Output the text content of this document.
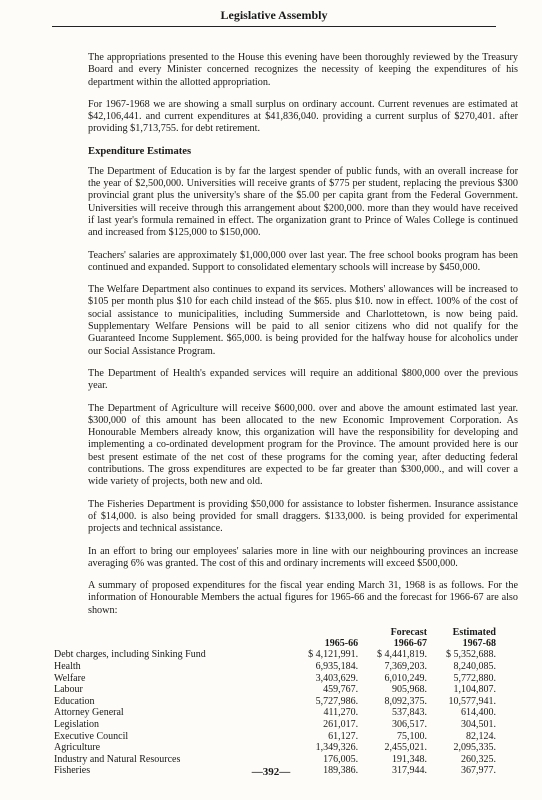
Legislative Assembly

The appropriations presented to the House this evening have been thoroughly reviewed by the Treasury Board and every Minister concerned recognizes the necessity of keeping the expenditures of his department within the allotted appropriation.

For 1967-1968 we are showing a small surplus on ordinary account. Current revenues are estimated at $42,106,441. and current expenditures at $41,836,040. providing a current surplus of $270,401. after providing $1,713,755. for debt retirement.

Expenditure Estimates

The Department of Education is by far the largest spender of public funds, with an overall increase for the year of $2,500,000. Universities will receive grants of $775 per student, replacing the previous $300 provincial grant plus the university's share of the $5.00 per capita grant from the Federal Government. Universities will receive through this arrangement about $200,000. more than they would have received if last year's formula remained in effect. The organization grant to Prince of Wales College is continued and increased from $125,000 to $150,000.

Teachers' salaries are approximately $1,000,000 over last year. The free school books program has been continued and expanded. Support to consolidated elementary schools will increase by $450,000.

The Welfare Department also continues to expand its services. Mothers' allowances will be increased to $105 per month plus $10 for each child instead of the $65. plus $10. now in effect. 100% of the cost of social assistance to municipalities, including Summerside and Charlottetown, is now being paid. Supplementary Welfare Pensions will be paid to all senior citizens who did not qualify for the Guaranteed Income Supplement. $65,000. is being provided for the halfway house for alcoholics under our Social Assistance Program.

The Department of Health's expanded services will require an additional $800,000 over the previous year.

The Department of Agriculture will receive $600,000. over and above the amount estimated last year. $300,000 of this amount has been allocated to the new Economic Improvement Corporation. As Honourable Members already know, this organization will have the responsibility for developing and implementing a co-ordinated development program for the Province. The amount provided here is our best present estimate of the net cost of these programs for the coming year, after deducting federal contributions. The gross expenditures are expected to be far greater than $300,000., and will cover a wide variety of projects, both new and old.

The Fisheries Department is providing $50,000 for assistance to lobster fishermen. Insurance assistance of $14,000. is also being provided for small draggers. $133,000. is being provided for experimental projects and technical assistance.

In an effort to bring our employees' salaries more in line with our neighbouring provinces an increase averaging 6% was granted. The cost of this and ordinary increments will exceed $500,000.

A summary of proposed expenditures for the fiscal year ending March 31, 1968 is as follows. For the information of Honourable Members the actual figures for 1965-66 and the forecast for 1966-67 are also shown:

		Forecast	Estimated
	1965-66	1966-67	1967-68
Debt charges, including Sinking Fund	$ 4,121,991.	$ 4,441,819.	$ 5,352,688.
Health	6,935,184.	7,369,203.	8,240,085.
Welfare	3,403,629.	6,010,249.	5,772,880.
Labour	459,767.	905,968.	1,104,807.
Education	5,727,986.	8,092,375.	10,577,941.
Attorney General	411,270.	537,843.	614,400.
Legislation	261,017.	306,517.	304,501.
Executive Council	61,127.	75,100.	82,124.
Agriculture	1,349,326.	2,455,021.	2,095,335.
Industry and Natural Resources	176,005.	191,348.	260,325.
Fisheries	189,386.	317,944.	367,977.
—392—
